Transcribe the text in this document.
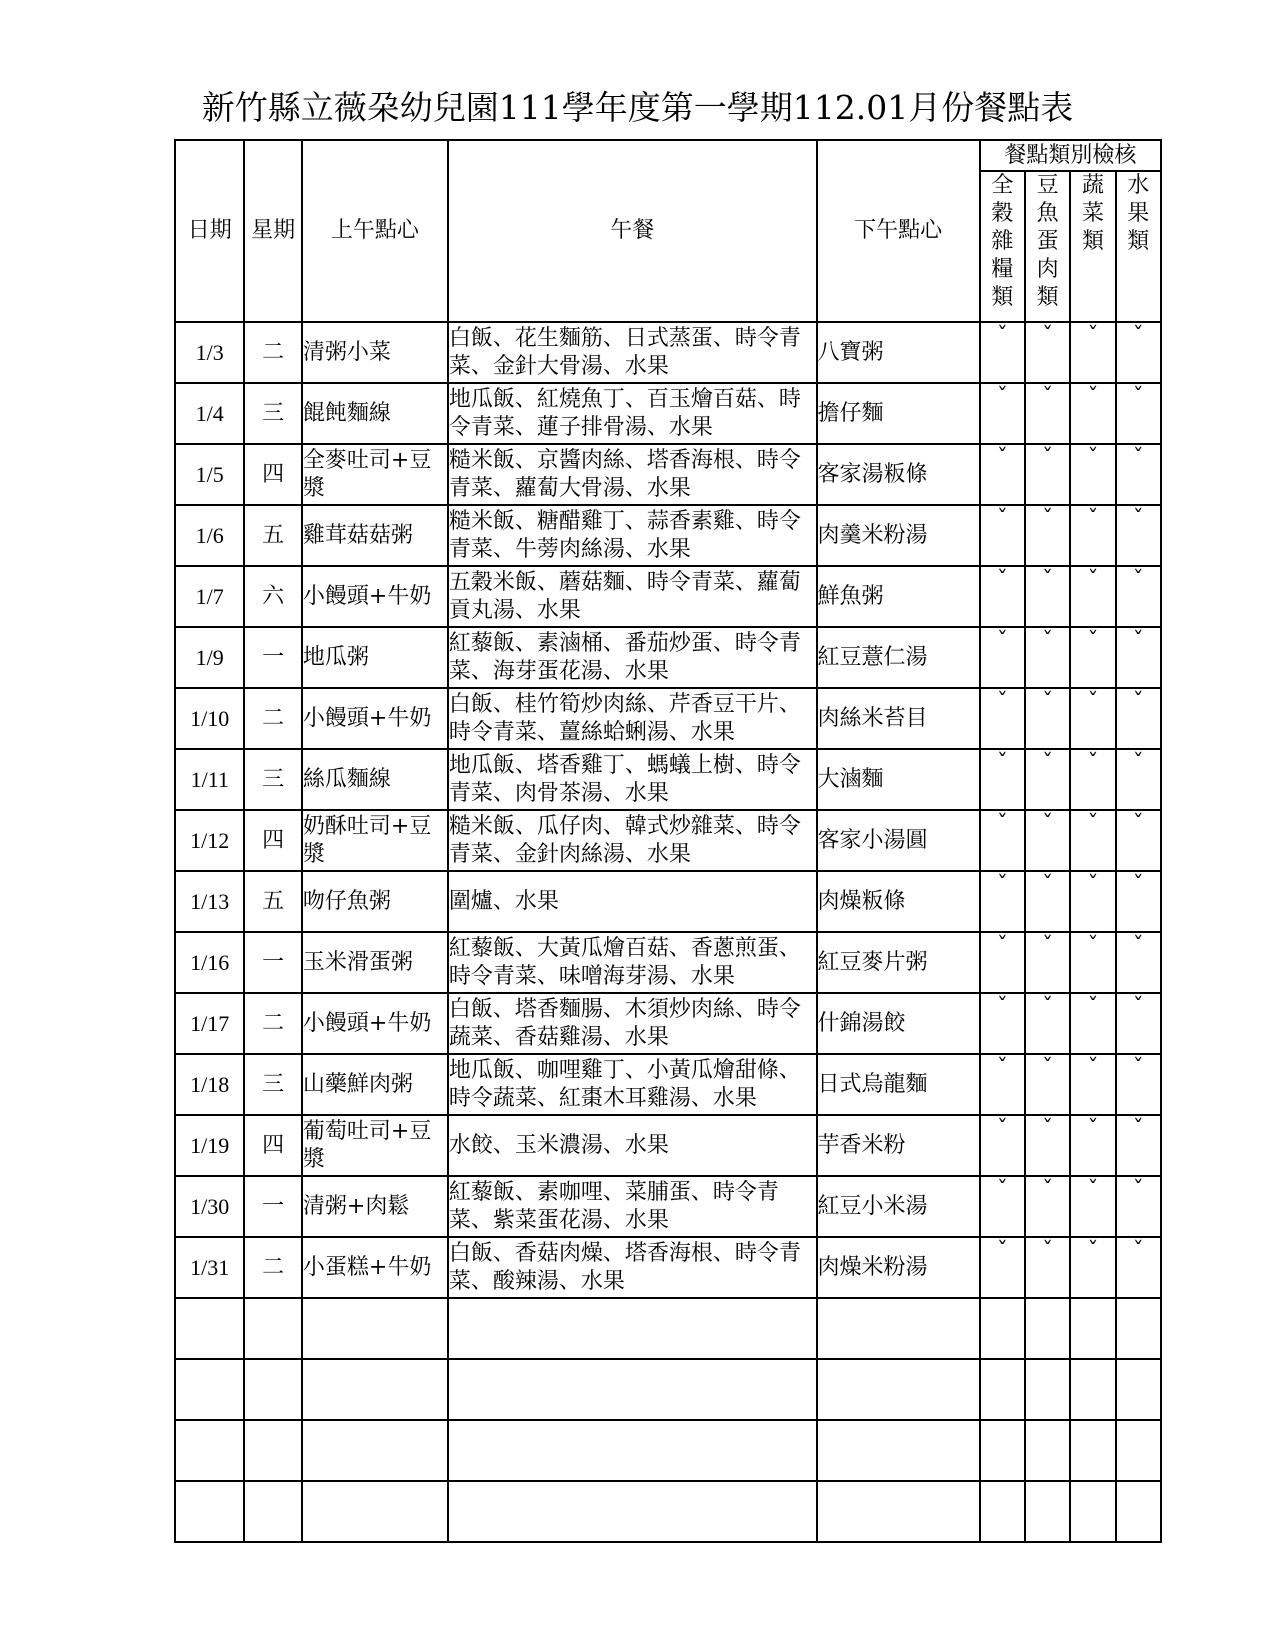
新竹縣立薇朶幼兒園111學年度第一學期112.01月份餐點表
日期	星期	上午點心	午餐	下午點心	餐點類別檢核			

					全穀雜糧類	豆魚蛋肉類	蔬菜類	水果類

1/3	二	清粥小菜	白飯、花生麵筋、日式蒸蛋、時令青菜、金針大骨湯、水果	八寶粥	ˇ	ˇ	ˇ	ˇ
1/4	三	餛飩麵線	地瓜飯、紅燒魚丁、百玉燴百菇、時令青菜、蓮子排骨湯、水果	擔仔麵	ˇ	ˇ	ˇ	ˇ
1/5	四	全麥吐司+豆漿	糙米飯、京醬肉絲、塔香海根、時令青菜、蘿蔔大骨湯、水果	客家湯粄條	ˇ	ˇ	ˇ	ˇ
1/6	五	雞茸菇菇粥	糙米飯、糖醋雞丁、蒜香素雞、時令青菜、牛蒡肉絲湯、水果	肉羹米粉湯	ˇ	ˇ	ˇ	ˇ
1/7	六	小饅頭+牛奶	五穀米飯、蘑菇麵、時令青菜、蘿蔔貢丸湯、水果	鮮魚粥	ˇ	ˇ	ˇ	ˇ
1/9	一	地瓜粥	紅藜飯、素滷桶、番茄炒蛋、時令青菜、海芽蛋花湯、水果	紅豆薏仁湯	ˇ	ˇ	ˇ	ˇ
1/10	二	小饅頭+牛奶	白飯、桂竹筍炒肉絲、芹香豆干片、時令青菜、薑絲蛤蜊湯、水果	肉絲米苔目	ˇ	ˇ	ˇ	ˇ
1/11	三	絲瓜麵線	地瓜飯、塔香雞丁、螞蟻上樹、時令青菜、肉骨茶湯、水果	大滷麵	ˇ	ˇ	ˇ	ˇ
1/12	四	奶酥吐司+豆漿	糙米飯、瓜仔肉、韓式炒雜菜、時令青菜、金針肉絲湯、水果	客家小湯圓	ˇ	ˇ	ˇ	ˇ
1/13	五	吻仔魚粥	圍爐、水果	肉燥粄條	ˇ	ˇ	ˇ	ˇ
1/16	一	玉米滑蛋粥	紅藜飯、大黃瓜燴百菇、香蔥煎蛋、時令青菜、味噌海芽湯、水果	紅豆麥片粥	ˇ	ˇ	ˇ	ˇ
1/17	二	小饅頭+牛奶	白飯、塔香麵腸、木須炒肉絲、時令蔬菜、香菇雞湯、水果	什錦湯餃	ˇ	ˇ	ˇ	ˇ
1/18	三	山藥鮮肉粥	地瓜飯、咖哩雞丁、小黃瓜燴甜條、時令蔬菜、紅棗木耳雞湯、水果	日式烏龍麵	ˇ	ˇ	ˇ	ˇ
1/19	四	葡萄吐司+豆漿	水餃、玉米濃湯、水果	芋香米粉	ˇ	ˇ	ˇ	ˇ
1/30	一	清粥+肉鬆	紅藜飯、素咖哩、菜脯蛋、時令青菜、紫菜蛋花湯、水果	紅豆小米湯	ˇ	ˇ	ˇ	ˇ
1/31	二	小蛋糕+牛奶	白飯、香菇肉燥、塔香海根、時令青菜、酸辣湯、水果	肉燥米粉湯	ˇ	ˇ	ˇ	ˇ
